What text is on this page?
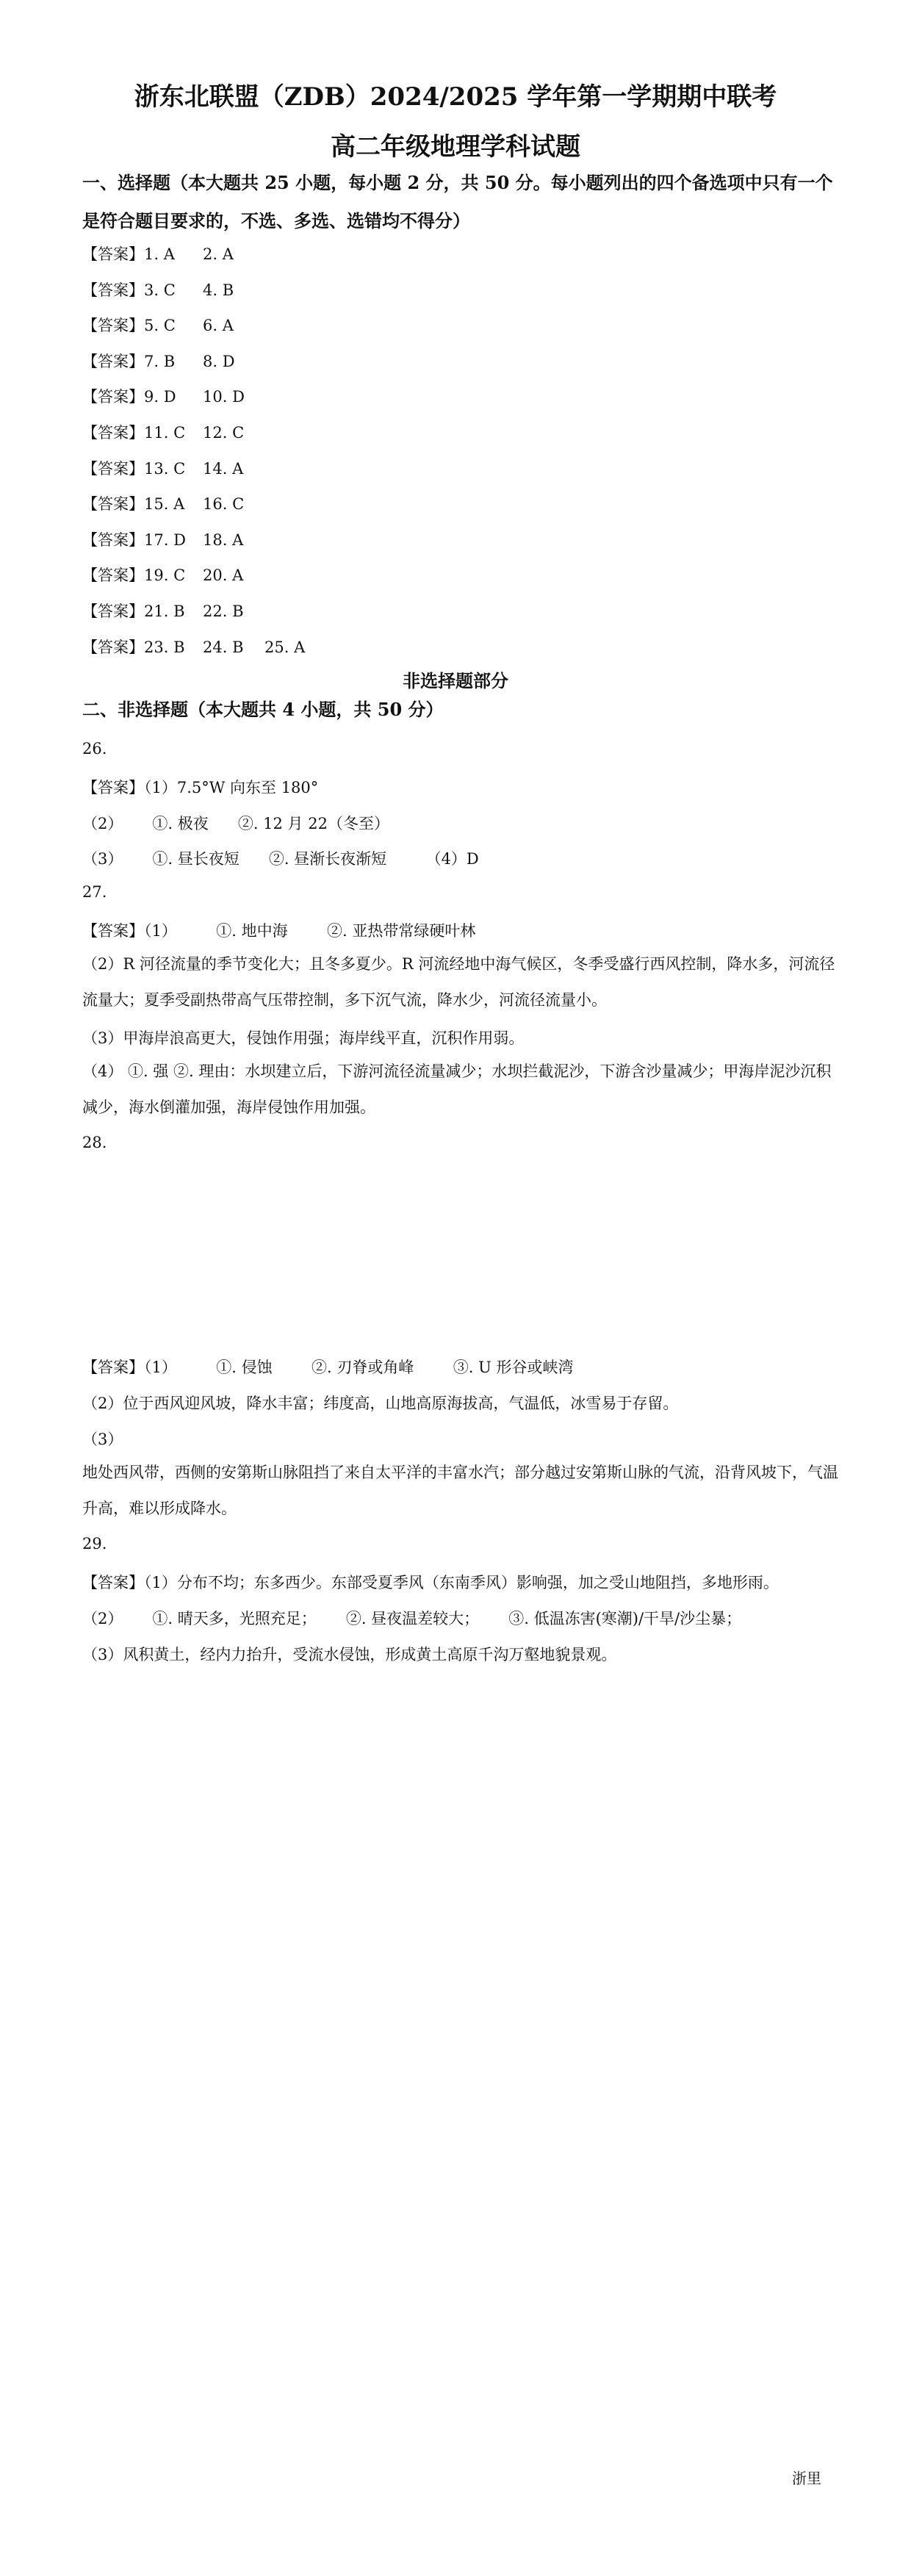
浙东北联盟（ZDB）2024/2025 学年第一学期期中联考
高二年级地理学科试题
一、选择题（本大题共 25 小题，每小题 2 分，共 50 分。每小题列出的四个备选项中只有一个是符合题目要求的，不选、多选、选错均不得分）
【答案】1. A 2. A
【答案】3. C 4. B
【答案】5. C 6. A
【答案】7. B 8. D
【答案】9. D 10. D
【答案】11. C 12. C
【答案】13. C 14. A
【答案】15. A 16. C
【答案】17. D 18. A
【答案】19. C 20. A
【答案】21. B 22. B
【答案】23. B 24. B 25. A
非选择题部分
二、非选择题（本大题共 4 小题，共 50 分）
26.
【答案】（1）7.5°W 向东至 180°
（2）      ①. 极夜      ②. 12 月 22（冬至）
（3）      ①. 昼长夜短      ②. 昼渐长夜渐短        （4）D
27.
【答案】（1）        ①. 地中海        ②. 亚热带常绿硬叶林
（2）R 河径流量的季节变化大；且冬多夏少。R 河流经地中海气候区，冬季受盛行西风控制，降水多，河流径流量大；夏季受副热带高气压带控制，多下沉气流，降水少，河流径流量小。
（3）甲海岸浪高更大，侵蚀作用强；海岸线平直，沉积作用弱。
（4） ①. 强 ②. 理由：水坝建立后，下游河流径流量减少；水坝拦截泥沙，下游含沙量减少；甲海岸泥沙沉积减少，海水倒灌加强，海岸侵蚀作用加强。
28.
【答案】（1）        ①. 侵蚀        ②. 刃脊或角峰        ③. U 形谷或峡湾
（2）位于西风迎风坡，降水丰富；纬度高，山地高原海拔高，气温低，冰雪易于存留。
（3）
地处西风带，西侧的安第斯山脉阻挡了来自太平洋的丰富水汽；部分越过安第斯山脉的气流，沿背风坡下，气温升高，难以形成降水。
29.
【答案】（1）分布不均；东多西少。东部受夏季风（东南季风）影响强，加之受山地阻挡，多地形雨。
（2）      ①. 晴天多，光照充足；      ②. 昼夜温差较大；      ③. 低温冻害(寒潮)/干旱/沙尘暴；
（3）风积黄土，经内力抬升，受流水侵蚀，形成黄土高原千沟万壑地貌景观。
浙里
